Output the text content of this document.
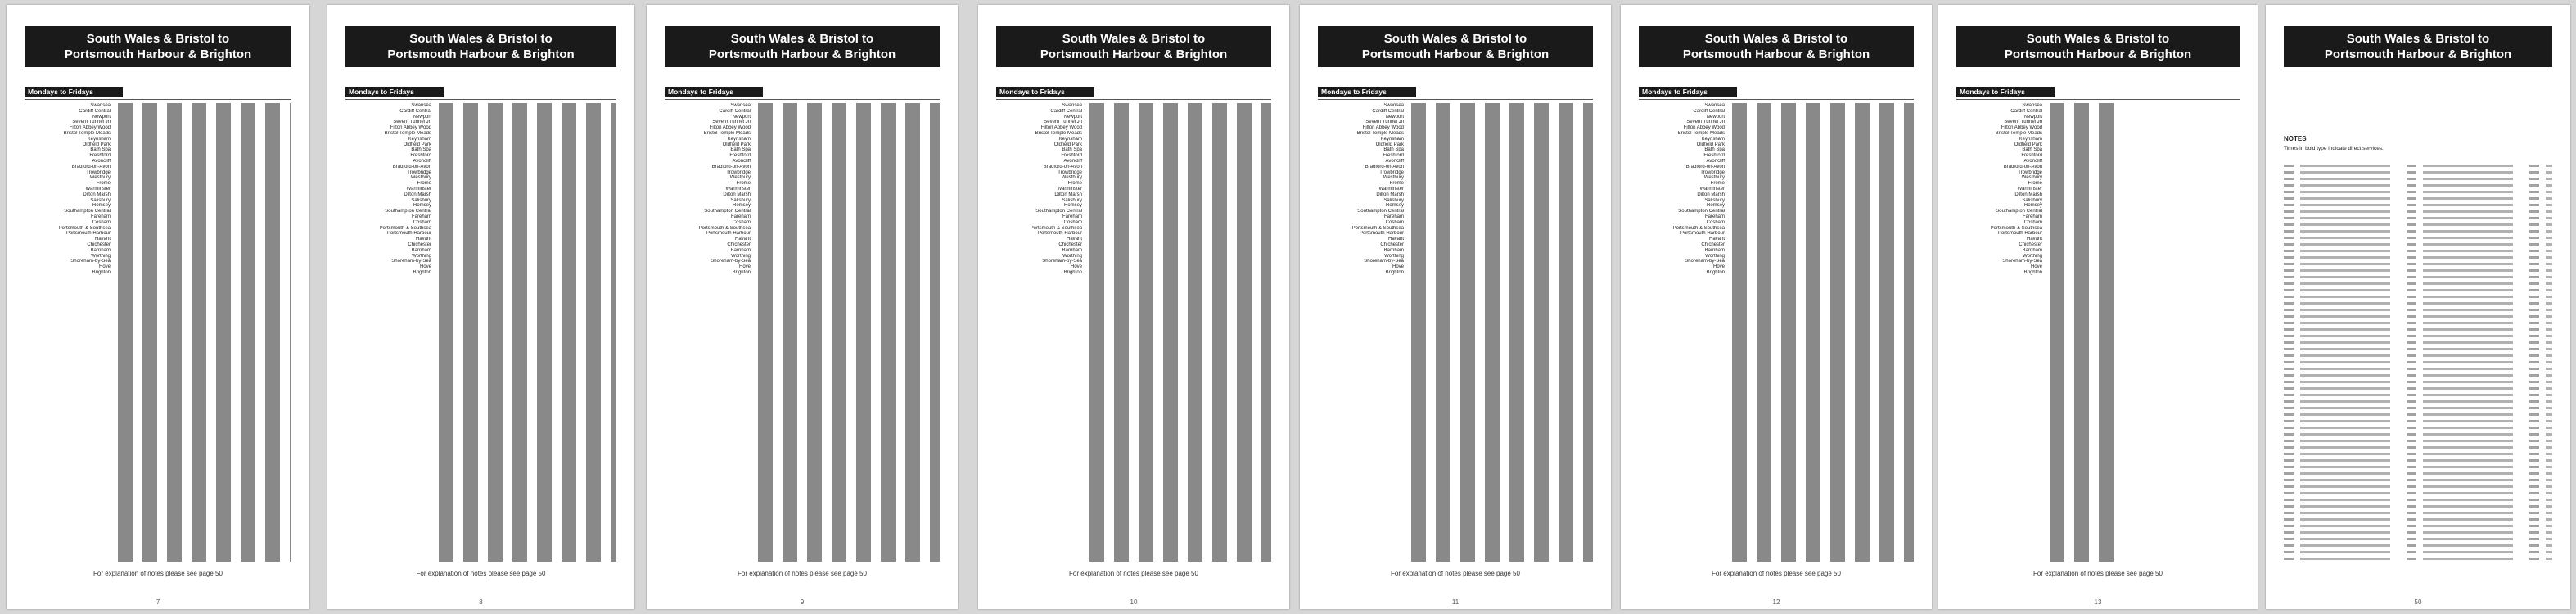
South Wales & Bristol to
Portsmouth Harbour & Brighton
Mondays to Fridays
Swansea
Cardiff Central
Newport
Severn Tunnel Jn
Filton Abbey Wood
Bristol Temple Meads
Keynsham
Oldfield Park
Bath Spa
Freshford
Avoncliff
Bradford-on-Avon
Trowbridge
Westbury
Frome
Warminster
Dilton Marsh
Salisbury
Romsey
Southampton Central
Fareham
Cosham
Portsmouth & Southsea
Portsmouth Harbour
Havant
Chichester
Barnham
Worthing
Shoreham-by-Sea
Hove
Brighton
For explanation of notes please see page 50
7
South Wales & Bristol to
Portsmouth Harbour & Brighton
Mondays to Fridays
Swansea
Cardiff Central
Newport
Severn Tunnel Jn
Filton Abbey Wood
Bristol Temple Meads
Keynsham
Oldfield Park
Bath Spa
Freshford
Avoncliff
Bradford-on-Avon
Trowbridge
Westbury
Frome
Warminster
Dilton Marsh
Salisbury
Romsey
Southampton Central
Fareham
Cosham
Portsmouth & Southsea
Portsmouth Harbour
Havant
Chichester
Barnham
Worthing
Shoreham-by-Sea
Hove
Brighton
For explanation of notes please see page 50
8
South Wales & Bristol to
Portsmouth Harbour & Brighton
Mondays to Fridays
Swansea
Cardiff Central
Newport
Severn Tunnel Jn
Filton Abbey Wood
Bristol Temple Meads
Keynsham
Oldfield Park
Bath Spa
Freshford
Avoncliff
Bradford-on-Avon
Trowbridge
Westbury
Frome
Warminster
Dilton Marsh
Salisbury
Romsey
Southampton Central
Fareham
Cosham
Portsmouth & Southsea
Portsmouth Harbour
Havant
Chichester
Barnham
Worthing
Shoreham-by-Sea
Hove
Brighton
For explanation of notes please see page 50
9
South Wales & Bristol to
Portsmouth Harbour & Brighton
Mondays to Fridays
Swansea
Cardiff Central
Newport
Severn Tunnel Jn
Filton Abbey Wood
Bristol Temple Meads
Keynsham
Oldfield Park
Bath Spa
Freshford
Avoncliff
Bradford-on-Avon
Trowbridge
Westbury
Frome
Warminster
Dilton Marsh
Salisbury
Romsey
Southampton Central
Fareham
Cosham
Portsmouth & Southsea
Portsmouth Harbour
Havant
Chichester
Barnham
Worthing
Shoreham-by-Sea
Hove
Brighton
For explanation of notes please see page 50
10
South Wales & Bristol to
Portsmouth Harbour & Brighton
Mondays to Fridays
Swansea
Cardiff Central
Newport
Severn Tunnel Jn
Filton Abbey Wood
Bristol Temple Meads
Keynsham
Oldfield Park
Bath Spa
Freshford
Avoncliff
Bradford-on-Avon
Trowbridge
Westbury
Frome
Warminster
Dilton Marsh
Salisbury
Romsey
Southampton Central
Fareham
Cosham
Portsmouth & Southsea
Portsmouth Harbour
Havant
Chichester
Barnham
Worthing
Shoreham-by-Sea
Hove
Brighton
For explanation of notes please see page 50
11
South Wales & Bristol to
Portsmouth Harbour & Brighton
Mondays to Fridays
Swansea
Cardiff Central
Newport
Severn Tunnel Jn
Filton Abbey Wood
Bristol Temple Meads
Keynsham
Oldfield Park
Bath Spa
Freshford
Avoncliff
Bradford-on-Avon
Trowbridge
Westbury
Frome
Warminster
Dilton Marsh
Salisbury
Romsey
Southampton Central
Fareham
Cosham
Portsmouth & Southsea
Portsmouth Harbour
Havant
Chichester
Barnham
Worthing
Shoreham-by-Sea
Hove
Brighton
For explanation of notes please see page 50
12
South Wales & Bristol to
Portsmouth Harbour & Brighton
Mondays to Fridays
Swansea
Cardiff Central
Newport
Severn Tunnel Jn
Filton Abbey Wood
Bristol Temple Meads
Keynsham
Oldfield Park
Bath Spa
Freshford
Avoncliff
Bradford-on-Avon
Trowbridge
Westbury
Frome
Warminster
Dilton Marsh
Salisbury
Romsey
Southampton Central
Fareham
Cosham
Portsmouth & Southsea
Portsmouth Harbour
Havant
Chichester
Barnham
Worthing
Shoreham-by-Sea
Hove
Brighton
For explanation of notes please see page 50
13
South Wales & Bristol to
Portsmouth Harbour & Brighton
NOTES
Times in bold type indicate direct services.
50
